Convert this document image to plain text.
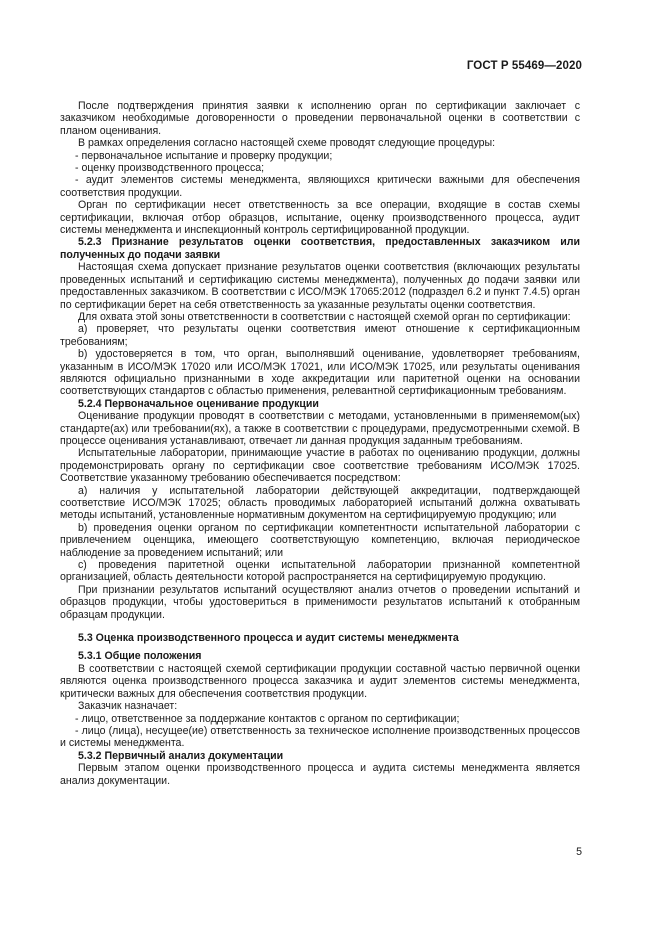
ГОСТ Р 55469—2020

После подтверждения принятия заявки к исполнению орган по сертификации заключает с заказчиком необходимые договоренности о проведении первоначальной оценки в соответствии с планом оценивания.

В рамках определения согласно настоящей схеме проводят следующие процедуры:

- первоначальное испытание и проверку продукции;

- оценку производственного процесса;

- аудит элементов системы менеджмента, являющихся критически важными для обеспечения соответствия продукции.

Орган по сертификации несет ответственность за все операции, входящие в состав схемы сертификации, включая отбор образцов, испытание, оценку производственного процесса, аудит системы менеджмента и инспекционный контроль сертифицированной продукции.

5.2.3 Признание результатов оценки соответствия, предоставленных заказчиком или полученных до подачи заявки

Настоящая схема допускает признание результатов оценки соответствия (включающих результаты проведенных испытаний и сертификацию системы менеджмента), полученных до подачи заявки или предоставленных заказчиком. В соответствии с ИСО/МЭК 17065:2012 (подраздел 6.2 и пункт 7.4.5) орган по сертификации берет на себя ответственность за указанные результаты оценки соответствия.

Для охвата этой зоны ответственности в соответствии с настоящей схемой орган по сертификации:

а) проверяет, что результаты оценки соответствия имеют отношение к сертификационным требованиям;

b) удостоверяется в том, что орган, выполнявший оценивание, удовлетворяет требованиям, указанным в ИСО/МЭК 17020 или ИСО/МЭК 17021, или ИСО/МЭК 17025, или результаты оценивания являются официально признанными в ходе аккредитации или паритетной оценки на основании соответствующих стандартов с областью применения, релевантной сертификационным требованиям.

5.2.4 Первоначальное оценивание продукции

Оценивание продукции проводят в соответствии с методами, установленными в применяемом(ых) стандарте(ах) или требовании(ях), а также в соответствии с процедурами, предусмотренными схемой. В процессе оценивания устанавливают, отвечает ли данная продукция заданным требованиям.

Испытательные лаборатории, принимающие участие в работах по оцениванию продукции, должны продемонстрировать органу по сертификации свое соответствие требованиям ИСО/МЭК 17025. Соответствие указанному требованию обеспечивается посредством:

а) наличия у испытательной лаборатории действующей аккредитации, подтверждающей соответствие ИСО/МЭК 17025; область проводимых лабораторией испытаний должна охватывать методы испытаний, установленные нормативным документом на сертифицируемую продукцию; или

b) проведения оценки органом по сертификации компетентности испытательной лаборатории с привлечением оценщика, имеющего соответствующую компетенцию, включая периодическое наблюдение за проведением испытаний; или

с) проведения паритетной оценки испытательной лаборатории признанной компетентной организацией, область деятельности которой распространяется на сертифицируемую продукцию.

При признании результатов испытаний осуществляют анализ отчетов о проведении испытаний и образцов продукции, чтобы удостовериться в применимости результатов испытаний к отобранным образцам продукции.

5.3 Оценка производственного процесса и аудит системы менеджмента

5.3.1 Общие положения

В соответствии с настоящей схемой сертификации продукции составной частью первичной оценки являются оценка производственного процесса заказчика и аудит элементов системы менеджмента, критически важных для обеспечения соответствия продукции.

Заказчик назначает:

- лицо, ответственное за поддержание контактов с органом по сертификации;

- лицо (лица), несущее(ие) ответственность за техническое исполнение производственных процессов и системы менеджмента.

5.3.2 Первичный анализ документации

Первым этапом оценки производственного процесса и аудита системы менеджмента является анализ документации.

5
